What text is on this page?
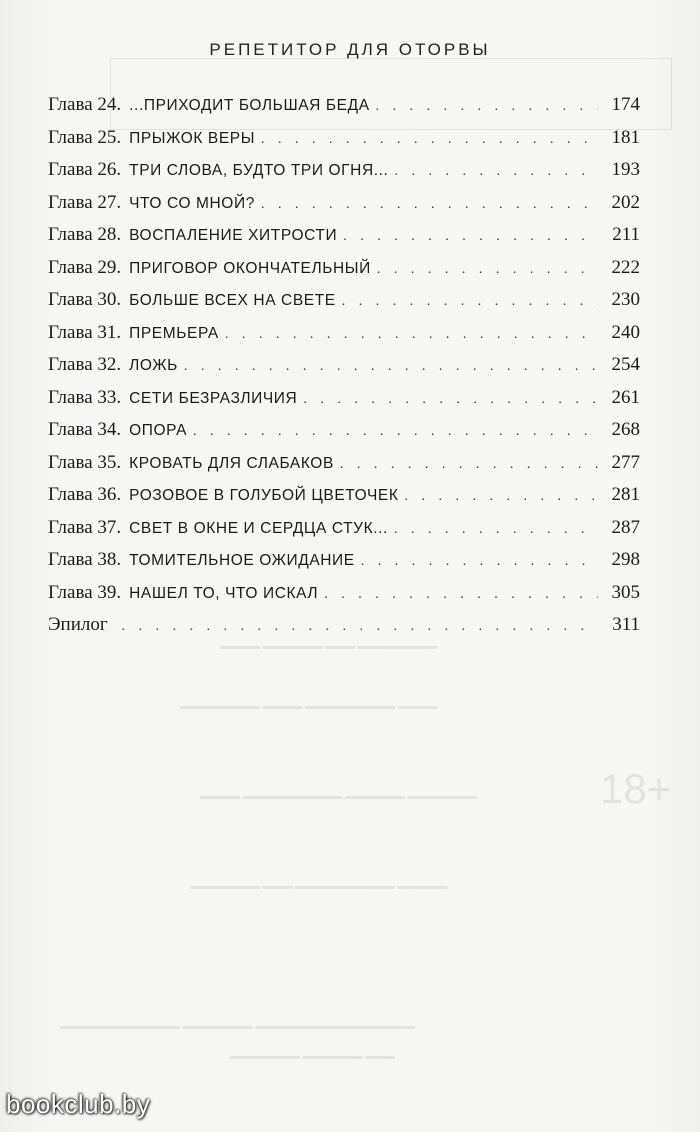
РЕПЕТИТОР ДЛЯ ОТОРВЫ
▬▬▬▬ ▬▬▬▬▬▬ ▬▬▬ ▬▬▬▬▬▬▬▬
▬▬▬▬▬▬▬▬ ▬▬▬▬ ▬▬▬▬▬▬▬▬▬ ▬▬▬▬
▬▬▬▬ ▬▬▬▬▬▬▬▬▬▬ ▬▬▬▬▬▬ ▬▬▬▬▬▬▬
▬▬▬▬▬▬▬ ▬▬▬ ▬▬▬▬▬▬▬▬▬▬ ▬▬▬▬▬
▬▬▬▬▬▬▬▬▬▬▬▬ ▬▬▬▬▬▬▬ ▬▬▬▬▬▬▬▬▬▬▬▬▬▬▬▬
▬▬▬▬▬▬▬ ▬▬▬▬▬▬ ▬▬▬
18+
Глава 24. ...ПРИХОДИТ БОЛЬШАЯ БЕДА . . .	174
Глава 25. ПРЫЖОК ВЕРЫ . . .	181
Глава 26. ТРИ СЛОВА, БУДТО ТРИ ОГНЯ... . . .	193
Глава 27. ЧТО СО МНОЙ? . . .	202
Глава 28. ВОСПАЛЕНИЕ ХИТРОСТИ . . .	211
Глава 29. ПРИГОВОР ОКОНЧАТЕЛЬНЫЙ . . .	222
Глава 30. БОЛЬШЕ ВСЕХ НА СВЕТЕ . . .	230
Глава 31. ПРЕМЬЕРА . . .	240
Глава 32. ЛОЖЬ . . .	254
Глава 33. СЕТИ БЕЗРАЗЛИЧИЯ . . .	261
Глава 34. ОПОРА . . .	268
Глава 35. КРОВАТЬ ДЛЯ СЛАБАКОВ . . .	277
Глава 36. РОЗОВОЕ В ГОЛУБОЙ ЦВЕТОЧЕК . . .	281
Глава 37. СВЕТ В ОКНЕ И СЕРДЦА СТУК... . . .	287
Глава 38. ТОМИТЕЛЬНОЕ ОЖИДАНИЕ . . .	298
Глава 39. НАШЕЛ ТО, ЧТО ИСКАЛ . . .	305
Эпилог . . .	311
bookclub.by
